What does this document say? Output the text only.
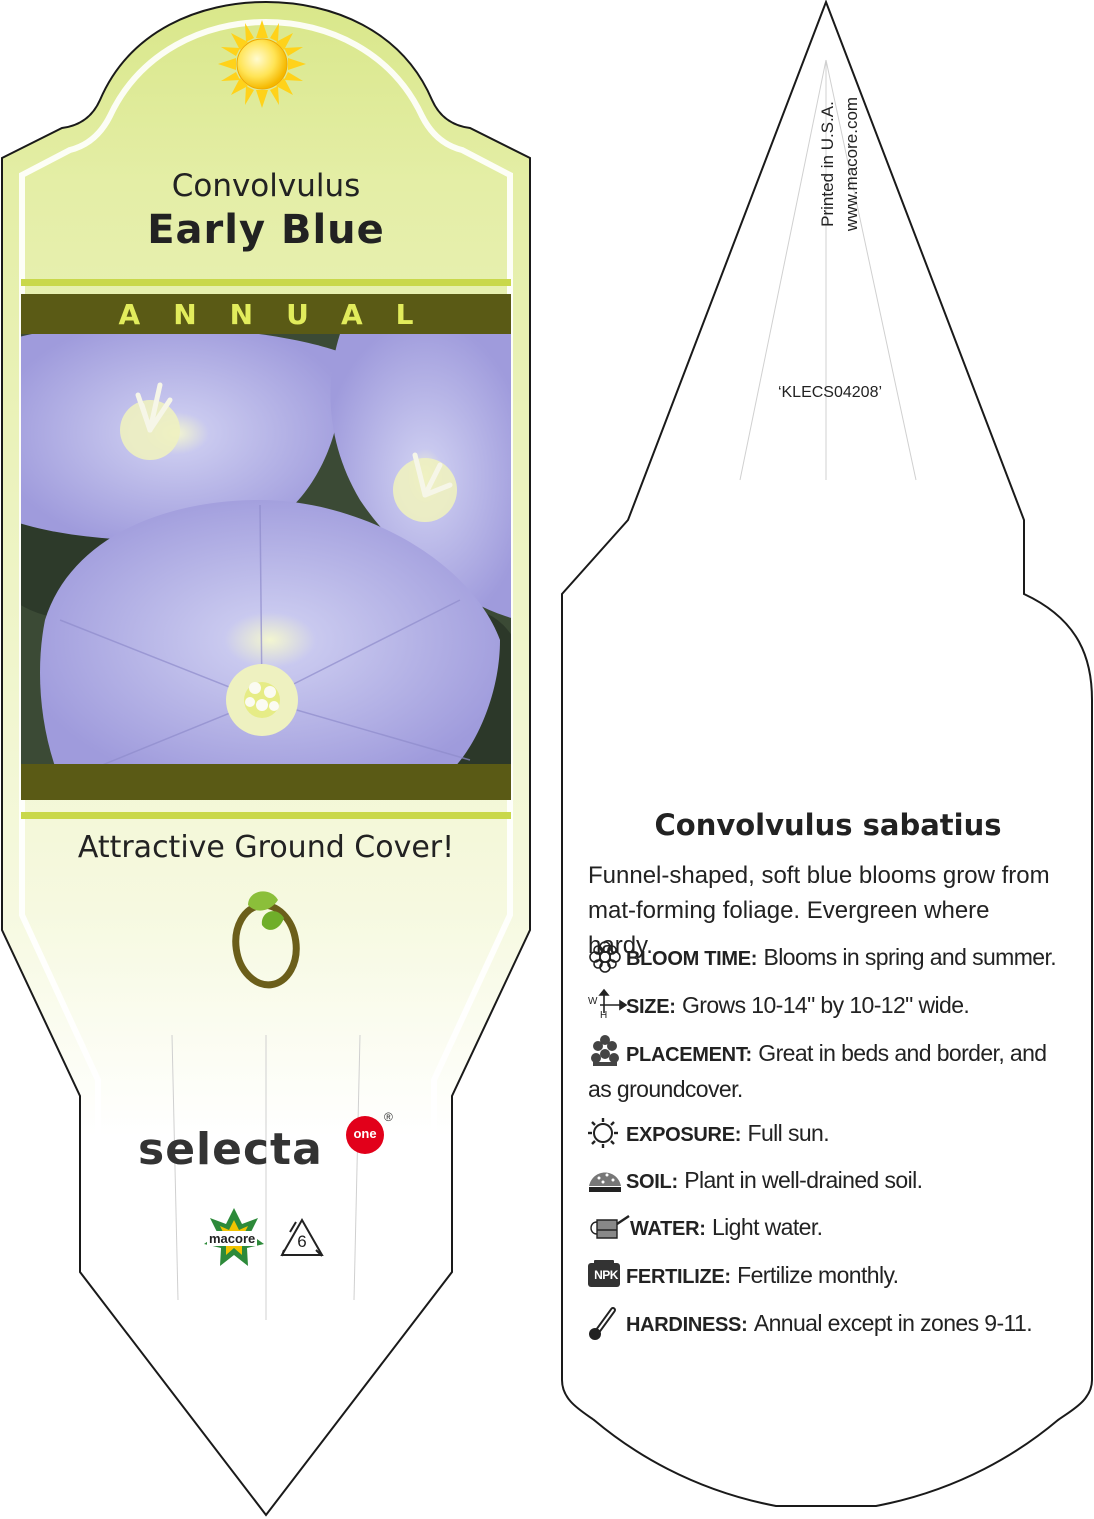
Convolvulus
Early Blue
ANNUAL
Attractive Ground Cover!
selecta	one
®
macore	6
Printed in U.S.A. www.macore.com
‘KLECS04208’
Convolvulus sabatius
Funnel-shaped, soft blue blooms grow from mat-forming foliage. Evergreen where hardy.
W
H
NPK
BLOOM TIME: Blooms in spring and summer.
SIZE: Grows 10-14" by 10-12" wide.
PLACEMENT: Great in beds and border, and as groundcover.
EXPOSURE: Full sun.
SOIL: Plant in well-drained soil.
WATER: Light water.
FERTILIZE: Fertilize monthly.
HARDINESS: Annual except in zones 9-11.
